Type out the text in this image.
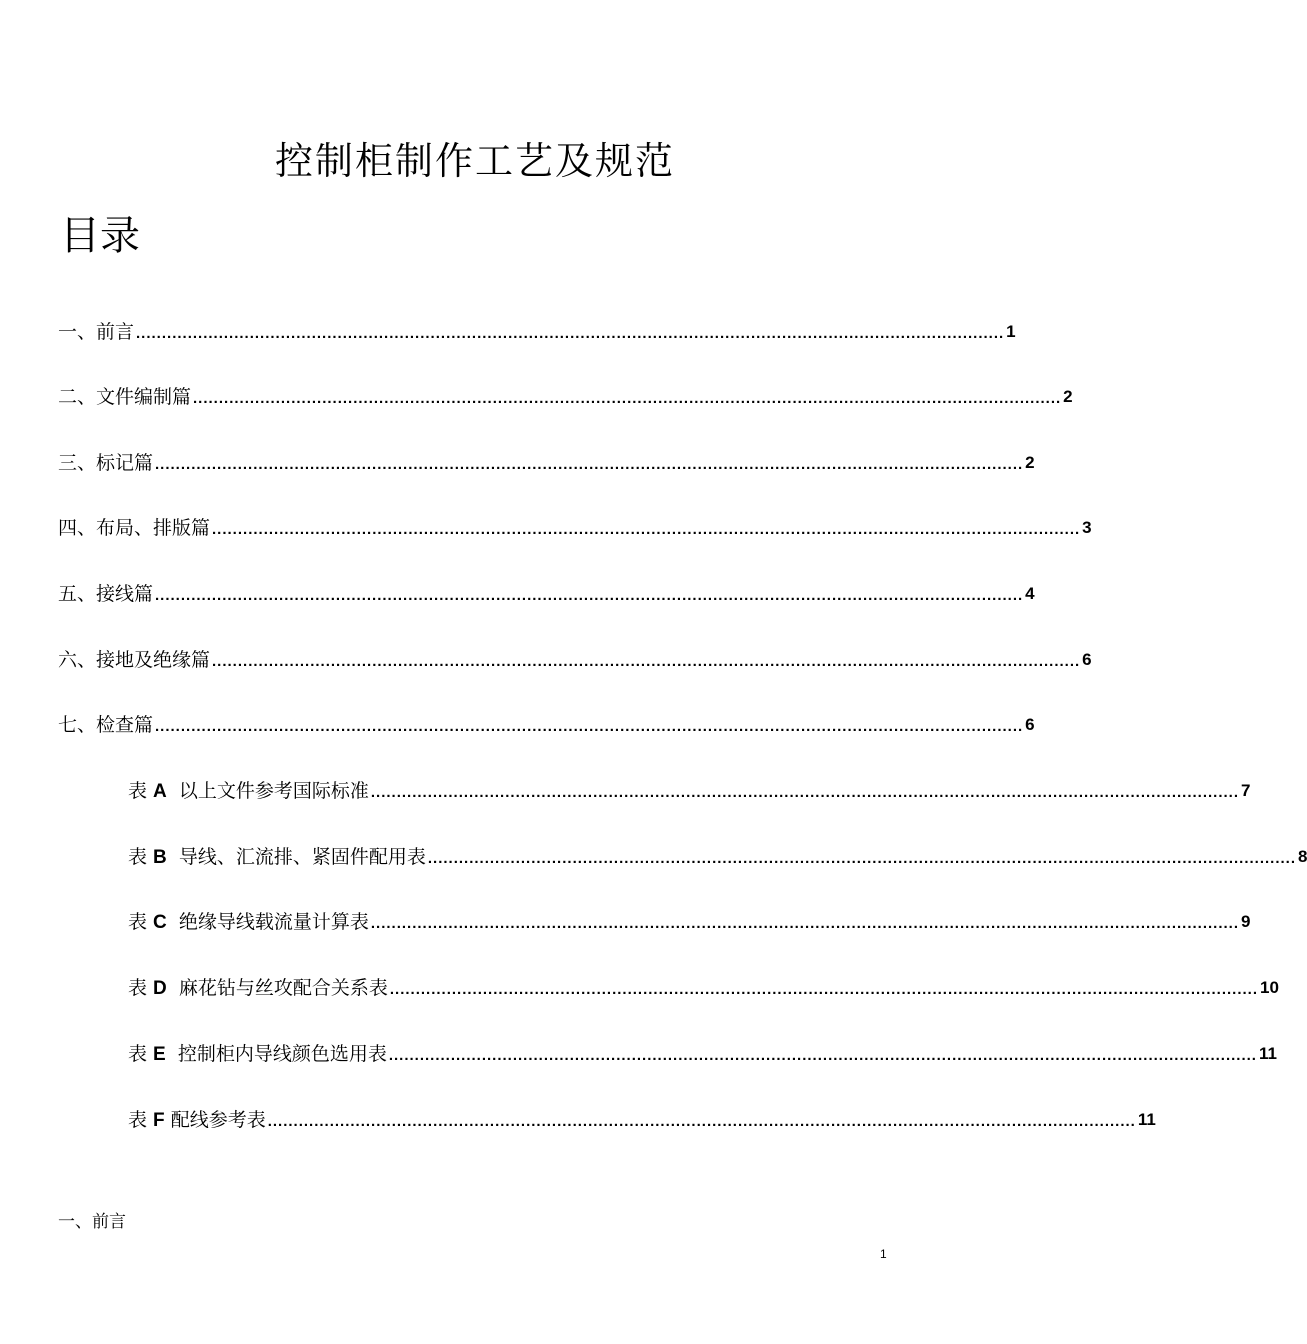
控制柜制作工艺及规范
目录
一、前言 ........................................................................................................................................................................ 1
二、文件编制篇 ........................................................................................................................................................................ 2
三、标记篇 ........................................................................................................................................................................ 2
四、布局、排版篇 ........................................................................................................................................................................ 3
五、接线篇 ........................................................................................................................................................................ 4
六、接地及绝缘篇 ........................................................................................................................................................................ 6
七、检查篇 ........................................................................................................................................................................ 6
表 A  以上文件参考国际标准 ........................................................................................................................................................................ 7
表 B  导线、汇流排、紧固件配用表 ........................................................................................................................................................................ 8
表 C  绝缘导线载流量计算表 ........................................................................................................................................................................ 9
表 D  麻花钻与丝攻配合关系表 ........................................................................................................................................................................ 10
表 E  控制柜内导线颜色选用表 ........................................................................................................................................................................ 11
表 F 配线参考表 ........................................................................................................................................................................ 11
一、前言
1
